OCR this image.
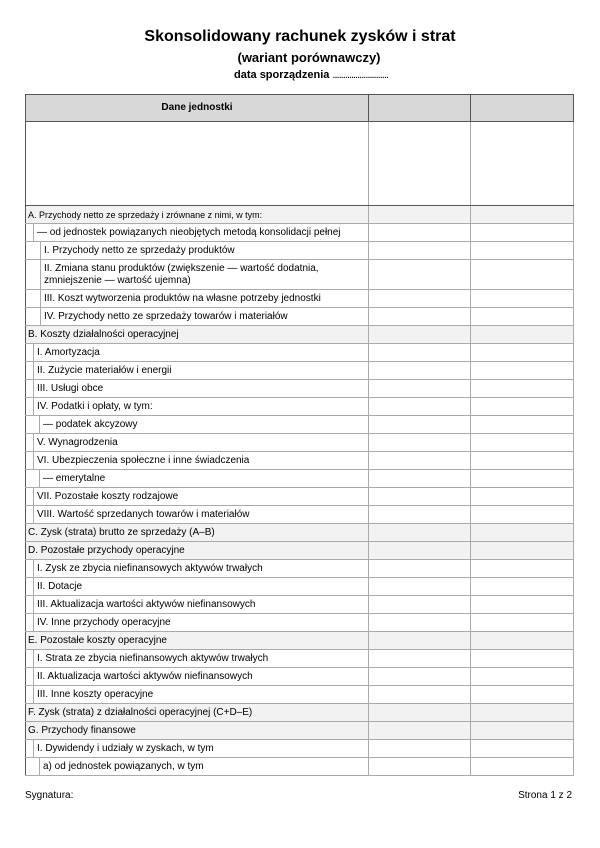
Skonsolidowany rachunek zysków i strat
(wariant porównawczy)
data sporządzenia ...........................
Dane jednostki		

A. Przychody netto ze sprzedaży i zrównane z nimi, w tym:		

— od jednostek powiązanych nieobjętych metodą konsolidacji pełnej		

I. Przychody netto ze sprzedaży produktów		

II. Zmiana stanu produktów (zwiększenie — wartość dodatnia, zmniejszenie — wartość ujemna)		

III. Koszt wytworzenia produktów na własne potrzeby jednostki		

IV. Przychody netto ze sprzedaży towarów i materiałów		

B. Koszty działalności operacyjnej		

I. Amortyzacja		

II. Zużycie materiałów i energii		

III. Usługi obce		

IV. Podatki i opłaty, w tym:		

— podatek akcyzowy		

V. Wynagrodzenia		

VI. Ubezpieczenia społeczne i inne świadczenia		

— emerytalne		

VII. Pozostałe koszty rodzajowe		

VIII. Wartość sprzedanych towarów i materiałów		

C. Zysk (strata) brutto ze sprzedaży (A–B)		

D. Pozostałe przychody operacyjne		

I. Zysk ze zbycia niefinansowych aktywów trwałych		

II. Dotacje		

III. Aktualizacja wartości aktywów niefinansowych		

IV. Inne przychody operacyjne		

E. Pozostałe koszty operacyjne		

I. Strata ze zbycia niefinansowych aktywów trwałych		

II. Aktualizacja wartości aktywów niefinansowych		

III. Inne koszty operacyjne		

F. Zysk (strata) z działalności operacyjnej (C+D–E)		

G. Przychody finansowe		

I. Dywidendy i udziały w zyskach, w tym		

a) od jednostek powiązanych, w tym		

Sygnatura:	Strona 1 z 2
